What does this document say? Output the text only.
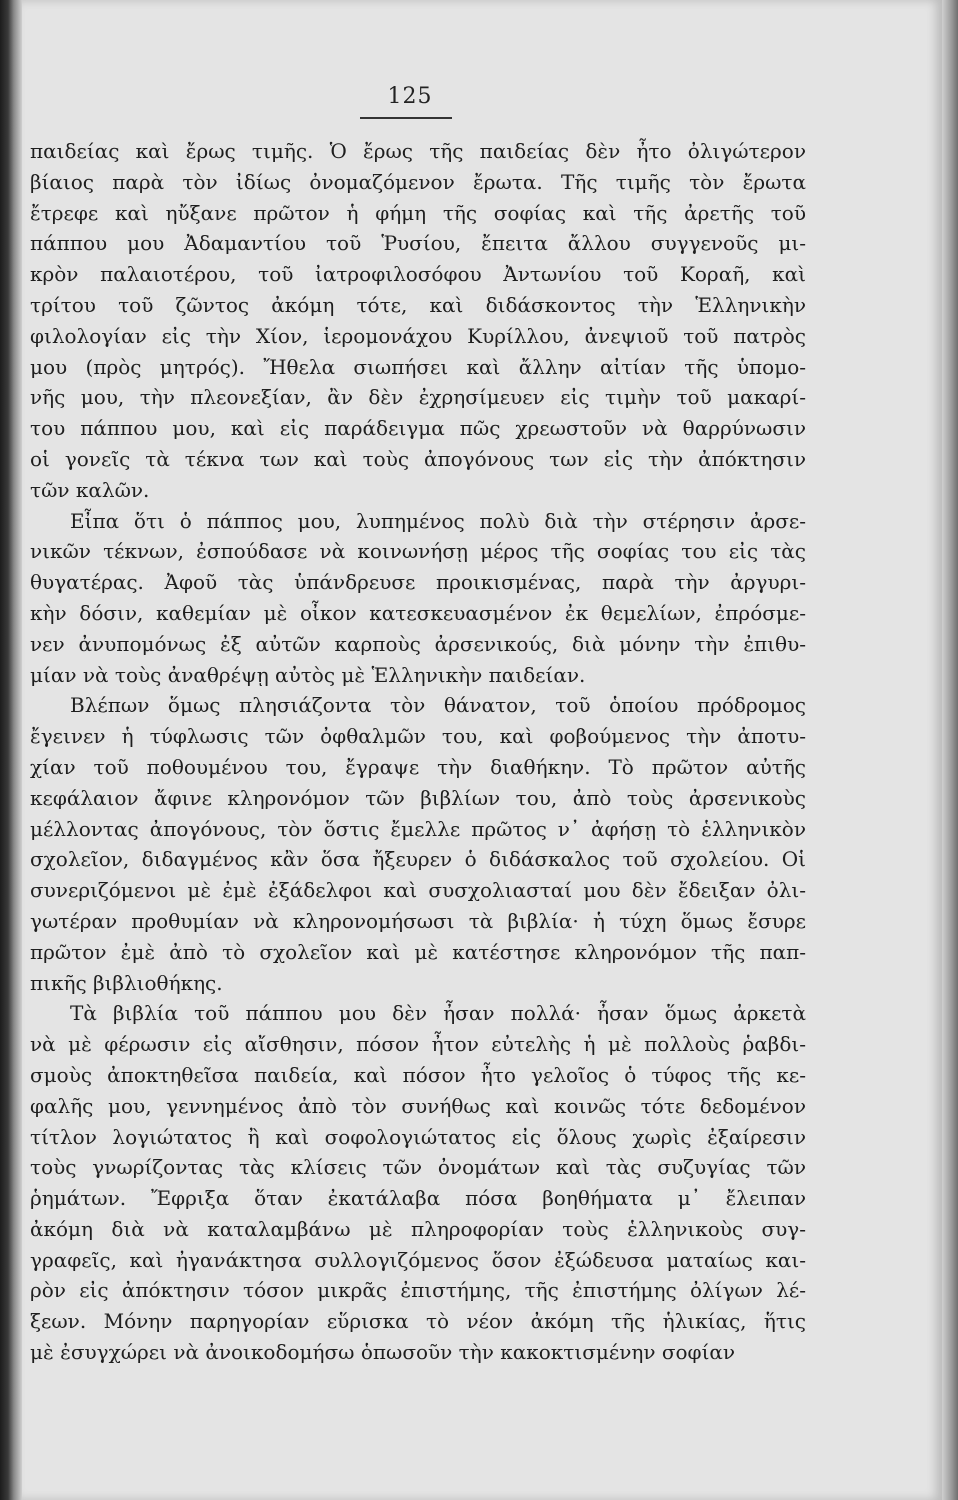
125
παιδείας καὶ ἔρως τιμῆς. Ὁ ἔρως τῆς παιδείας δὲν ἦτο ὀλιγώτερον
βίαιος παρὰ τὸν ἰδίως ὀνομαζόμενον ἔρωτα. Τῆς τιμῆς τὸν ἔρωτα
ἔτρεφε καὶ ηὔξανε πρῶτον ἡ φήμη τῆς σοφίας καὶ τῆς ἀρετῆς τοῦ
πάππου μου Ἀδαμαντίου τοῦ Ῥυσίου, ἔπειτα ἄλλου συγγενοῦς μι-
κρὸν παλαιοτέρου, τοῦ ἰατροφιλοσόφου Ἀντωνίου τοῦ Κοραῆ, καὶ
τρίτου τοῦ ζῶντος ἀκόμη τότε, καὶ διδάσκοντος τὴν Ἑλληνικὴν
φιλολογίαν εἰς τὴν Χίον, ἱερομονάχου Κυρίλλου, ἀνεψιοῦ τοῦ πατρὸς
μου (πρὸς μητρός). Ἤθελα σιωπήσει καὶ ἄλλην αἰτίαν τῆς ὑπομο-
νῆς μου, τὴν πλεονεξίαν, ἂν δὲν ἐχρησίμευεν εἰς τιμὴν τοῦ μακαρί-
του πάππου μου, καὶ εἰς παράδειγμα πῶς χρεωστοῦν νὰ θαρρύνωσιν
οἱ γονεῖς τὰ τέκνα των καὶ τοὺς ἀπογόνους των εἰς τὴν ἀπόκτησιν
τῶν καλῶν.
Εἶπα ὅτι ὁ πάππος μου, λυπημένος πολὺ διὰ τὴν στέρησιν ἀρσε-
νικῶν τέκνων, ἐσπούδασε νὰ κοινωνήσῃ μέρος τῆς σοφίας του εἰς τὰς
θυγατέρας. Ἀφοῦ τὰς ὑπάνδρευσε προικισμένας, παρὰ τὴν ἀργυρι-
κὴν δόσιν, καθεμίαν μὲ οἶκον κατεσκευασμένον ἐκ θεμελίων, ἐπρόσμε-
νεν ἀνυπομόνως ἐξ αὐτῶν καρποὺς ἀρσενικούς, διὰ μόνην τὴν ἐπιθυ-
μίαν νὰ τοὺς ἀναθρέψῃ αὐτὸς μὲ Ἑλληνικὴν παιδείαν.
Βλέπων ὅμως πλησιάζοντα τὸν θάνατον, τοῦ ὁποίου πρόδρομος
ἔγεινεν ἡ τύφλωσις τῶν ὀφθαλμῶν του, καὶ φοβούμενος τὴν ἀποτυ-
χίαν τοῦ ποθουμένου του, ἔγραψε τὴν διαθήκην. Τὸ πρῶτον αὐτῆς
κεφάλαιον ἄφινε κληρονόμον τῶν βιβλίων του, ἀπὸ τοὺς ἀρσενικοὺς
μέλλοντας ἀπογόνους, τὸν ὅστις ἔμελλε πρῶτος ν᾿ ἀφήσῃ τὸ ἑλληνικὸν
σχολεῖον, διδαγμένος κἂν ὅσα ἤξευρεν ὁ διδάσκαλος τοῦ σχολείου. Οἱ
συνεριζόμενοι μὲ ἐμὲ ἐξάδελφοι καὶ συσχολιασταί μου δὲν ἔδειξαν ὀλι-
γωτέραν προθυμίαν νὰ κληρονομήσωσι τὰ βιβλία· ἡ τύχη ὅμως ἔσυρε
πρῶτον ἐμὲ ἀπὸ τὸ σχολεῖον καὶ μὲ κατέστησε κληρονόμον τῆς παπ-
πικῆς βιβλιοθήκης.
Τὰ βιβλία τοῦ πάππου μου δὲν ἦσαν πολλά· ἦσαν ὅμως ἀρκετὰ
νὰ μὲ φέρωσιν εἰς αἴσθησιν, πόσον ἦτον εὐτελὴς ἡ μὲ πολλοὺς ῥαβδι-
σμοὺς ἀποκτηθεῖσα παιδεία, καὶ πόσον ἦτο γελοῖος ὁ τύφος τῆς κε-
φαλῆς μου, γεννημένος ἀπὸ τὸν συνήθως καὶ κοινῶς τότε δεδομένον
τίτλον λογιώτατος ἢ καὶ σοφολογιώτατος εἰς ὅλους χωρὶς ἐξαίρεσιν
τοὺς γνωρίζοντας τὰς κλίσεις τῶν ὀνομάτων καὶ τὰς συζυγίας τῶν
ῥημάτων. Ἔφριξα ὅταν ἐκατάλαβα πόσα βοηθήματα μ᾿ ἔλειπαν
ἀκόμη διὰ νὰ καταλαμβάνω μὲ πληροφορίαν τοὺς ἑλληνικοὺς συγ-
γραφεῖς, καὶ ἠγανάκτησα συλλογιζόμενος ὅσον ἐξώδευσα ματαίως και-
ρὸν εἰς ἀπόκτησιν τόσον μικρᾶς ἐπιστήμης, τῆς ἐπιστήμης ὀλίγων λέ-
ξεων. Μόνην παρηγορίαν εὕρισκα τὸ νέον ἀκόμη τῆς ἡλικίας, ἥτις
μὲ ἐσυγχώρει νὰ ἀνοικοδομήσω ὁπωσοῦν τὴν κακοκτισμένην σοφίαν
